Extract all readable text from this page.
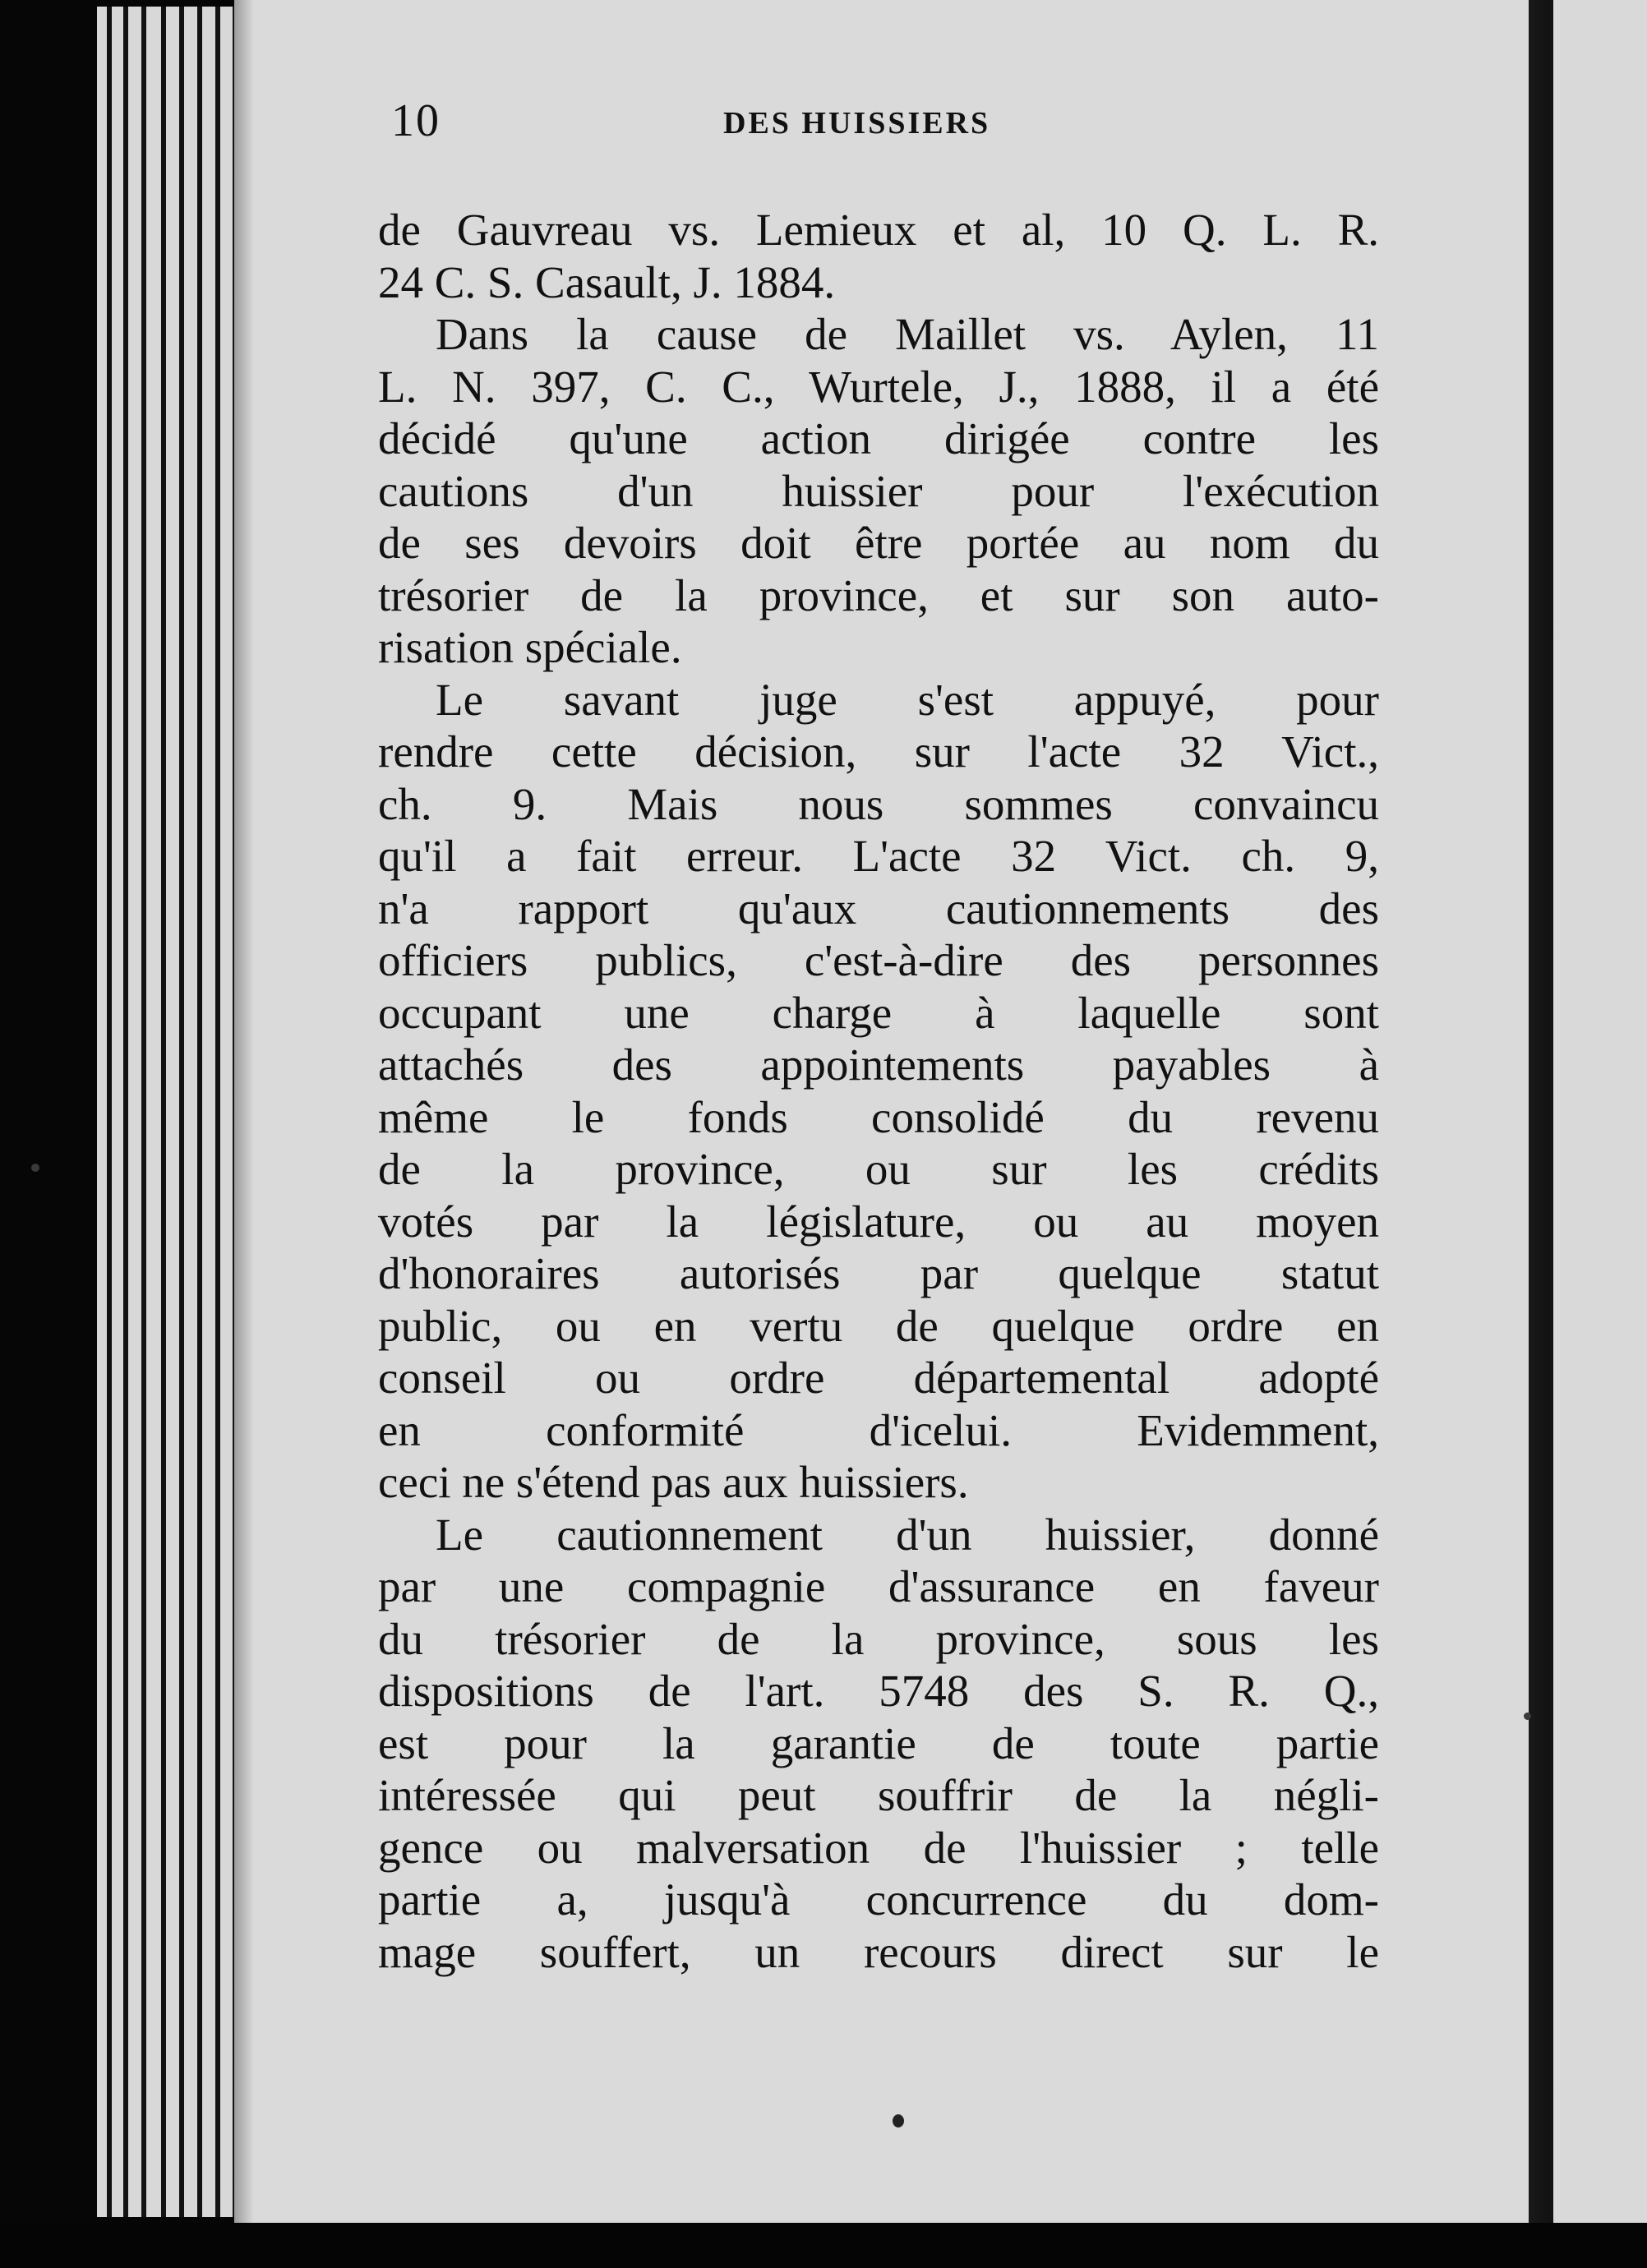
10	DES HUISSIERS
de Gauvreau vs. Lemieux et al, 10 Q. L. R.
24 C. S. Casault, J. 1884.
Dans la cause de Maillet vs. Aylen, 11
L. N. 397, C. C., Wurtele, J., 1888, il a été
décidé qu'une action dirigée contre les
cautions d'un huissier pour l'exécution
de ses devoirs doit être portée au nom du
trésorier de la province, et sur son auto-
risation spéciale.
Le savant juge s'est appuyé, pour
rendre cette décision, sur l'acte 32 Vict.,
ch. 9. Mais nous sommes convaincu
qu'il a fait erreur. L'acte 32 Vict. ch. 9,
n'a rapport qu'aux cautionnements des
officiers publics, c'est-à-dire des personnes
occupant une charge à laquelle sont
attachés des appointements payables à
même le fonds consolidé du revenu
de la province, ou sur les crédits
votés par la législature, ou au moyen
d'honoraires autorisés par quelque statut
public, ou en vertu de quelque ordre en
conseil ou ordre départemental adopté
en conformité d'icelui. Evidemment,
ceci ne s'étend pas aux huissiers.
Le cautionnement d'un huissier, donné
par une compagnie d'assurance en faveur
du trésorier de la province, sous les
dispositions de l'art. 5748 des S. R. Q.,
est pour la garantie de toute partie
intéressée qui peut souffrir de la négli-
gence ou malversation de l'huissier ; telle
partie a, jusqu'à concurrence du dom-
mage souffert, un recours direct sur le
